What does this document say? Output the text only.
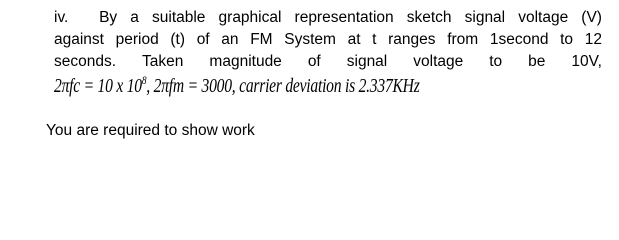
iv.	By a suitable graphical representation sketch signal voltage (V)
against period (t) of an FM System at t ranges from 1second to 12
seconds. Taken magnitude of signal voltage to be 10V,
2πfc = 10 x $10^8$, 2πfm = 3000, carrier deviation is 2.337KHz
You are required to show work
